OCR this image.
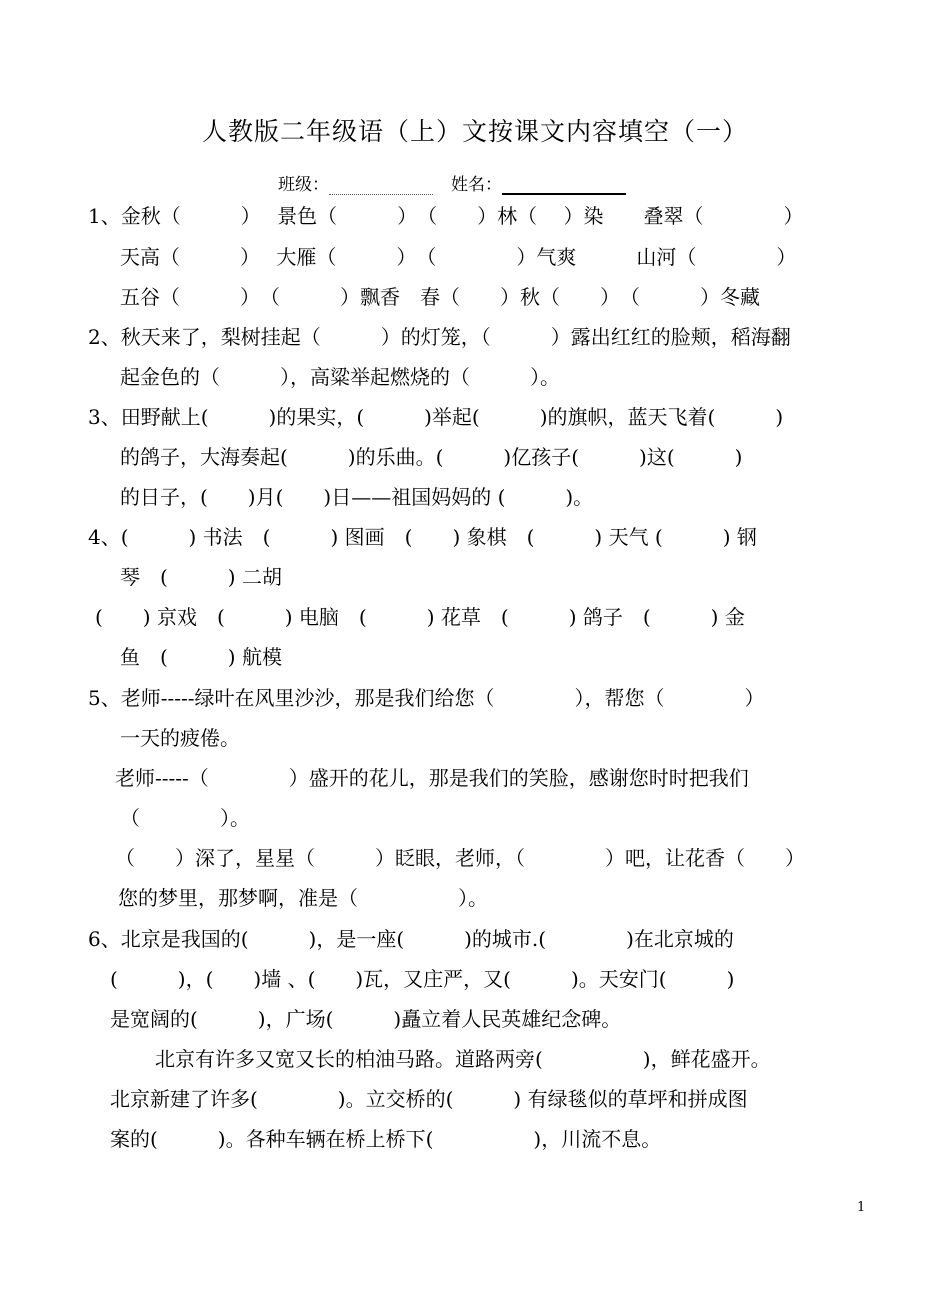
人教版二年级语（上）文按课文内容填空（一）
班级：	姓名：
1、金秋（　　　）　 景色（　　　）　（　　）林（　 ）染　　叠翠（　　　　）
天高（　　　）　 大雁（　　　）　（　　　　）气爽　　　山河（　　　　）
五谷（　　　）　（　　　）飘香　春（　　）秋（　　）　（　　　）冬藏
2、秋天来了，梨树挂起（　　　）的灯笼，（　　　）露出红红的脸颊，稻海翻
起金色的（　　　），高粱举起燃烧的（　　　）。
3、田野献上(　　　)的果实，(　　　)举起(　　　)的旗帜，蓝天飞着(　　　)
的鸽子，大海奏起(　　　)的乐曲。(　　　)亿孩子(　　　)这(　　　)
的日子，(　　)月(　　)日——祖国妈妈的 (　　　)。
4、(　　　) 书法　(　　　) 图画　(　　) 象棋　(　　　) 天气 (　　　) 钢
琴　(　　　) 二胡
(　　) 京戏　(　　　) 电脑　(　　　) 花草　(　　　) 鸽子　(　　　) 金
鱼　(　　　) 航模
5、老师-----绿叶在风里沙沙，那是我们给您（　　　　），帮您（　　　　）
一天的疲倦。
老师-----（　　　　）盛开的花儿，那是我们的笑脸，感谢您时时把我们
（　　　　）。
（　　）深了，星星（　　　）眨眼，老师，（　　　　）吧，让花香（　　）
您的梦里，那梦啊，准是（　　　　　）。
6、北京是我国的(　　　)，是一座(　　　)的城市.(　　　　)在北京城的
(　　　)，(　　)墙 、(　　)瓦，又庄严，又(　　　)。天安门(　　　)
是宽阔的(　　　)，广场(　　　)矗立着人民英雄纪念碑。
北京有许多又宽又长的柏油马路。道路两旁(　　　　　)，鲜花盛开。
北京新建了许多(　　　　)。立交桥的(　　　) 有绿毯似的草坪和拼成图
案的(　　　)。各种车辆在桥上桥下(　　　　　)，川流不息。
1
